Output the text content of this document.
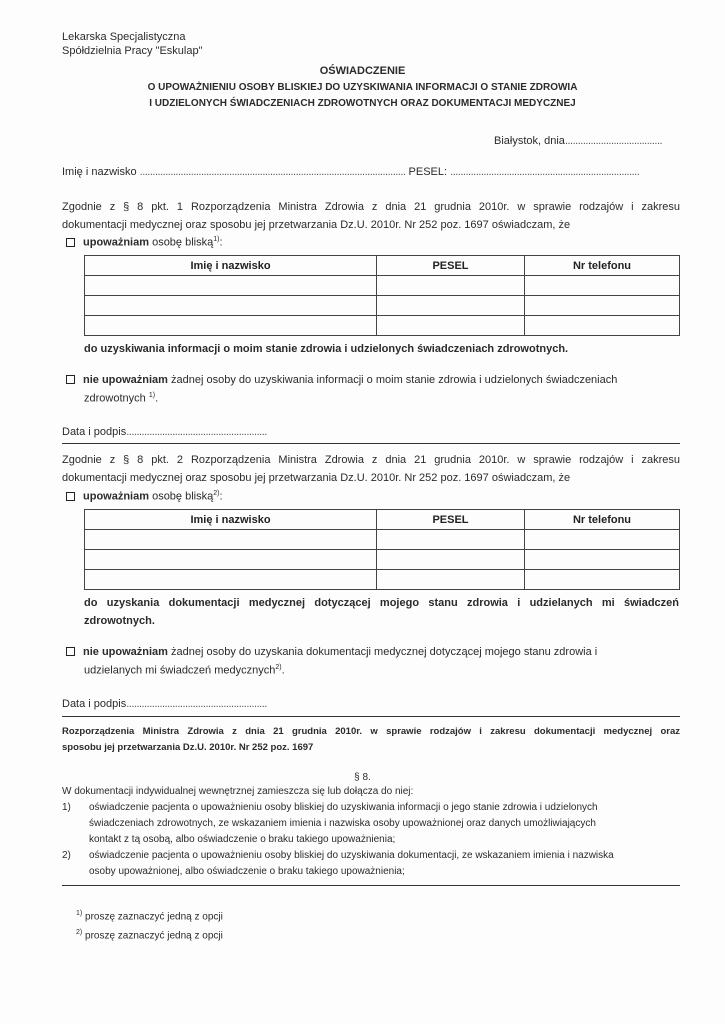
Lekarska Specjalistyczna
Spółdzielnia Pracy "Eskulap"
OŚWIADCZENIE
O UPOWAŻNIENIU OSOBY BLISKIEJ DO UZYSKIWANIA INFORMACJI O STANIE ZDROWIA
I UDZIELONYCH ŚWIADCZENIACH ZDROWOTNYCH ORAZ DOKUMENTACJI MEDYCZNEJ
Białystok, dnia......................................
Imię i nazwisko ........................................................................................................ PESEL: ..........................................................................
Zgodnie z § 8 pkt. 1 Rozporządzenia Ministra Zdrowia z dnia 21 grudnia 2010r. w sprawie rodzajów i zakresu
dokumentacji medycznej oraz sposobu jej przetwarzania Dz.U. 2010r. Nr 252 poz. 1697 oświadczam, że
upoważniam osobę bliską$^{1)}$:
Imię i nazwisko	PESEL	Nr telefonu

do uzyskiwania informacji o moim stanie zdrowia i udzielonych świadczeniach zdrowotnych.
nie upoważniam żadnej osoby do uzyskiwania informacji o moim stanie zdrowia i udzielonych świadczeniach
zdrowotnych $^{1)}$.
Data i podpis.......................................................
Zgodnie z § 8 pkt. 2 Rozporządzenia Ministra Zdrowia z dnia 21 grudnia 2010r. w sprawie rodzajów i zakresu
dokumentacji medycznej oraz sposobu jej przetwarzania Dz.U. 2010r. Nr 252 poz. 1697 oświadczam, że
upoważniam osobę bliską$^{2)}$:
Imię i nazwisko	PESEL	Nr telefonu

do uzyskania dokumentacji medycznej dotyczącej mojego stanu zdrowia i udzielanych mi świadczeń
zdrowotnych.
nie upoważniam żadnej osoby do uzyskania dokumentacji medycznej dotyczącej mojego stanu zdrowia i
udzielanych mi świadczeń medycznych$^{2)}$.
Data i podpis.......................................................
Rozporządzenia Ministra Zdrowia z dnia 21 grudnia 2010r. w sprawie rodzajów i zakresu dokumentacji medycznej oraz
sposobu jej przetwarzania Dz.U. 2010r. Nr 252 poz. 1697
§ 8.
W dokumentacji indywidualnej wewnętrznej zamieszcza się lub dołącza do niej:
1) oświadczenie pacjenta o upoważnieniu osoby bliskiej do uzyskiwania informacji o jego stanie zdrowia i udzielonych
świadczeniach zdrowotnych, ze wskazaniem imienia i nazwiska osoby upoważnionej oraz danych umożliwiających
kontakt z tą osobą, albo oświadczenie o braku takiego upoważnienia;
2) oświadczenie pacjenta o upoważnieniu osoby bliskiej do uzyskiwania dokumentacji, ze wskazaniem imienia i nazwiska
osoby upoważnionej, albo oświadczenie o braku takiego upoważnienia;
$^{1)}$ proszę zaznaczyć jedną z opcji
$^{2)}$ proszę zaznaczyć jedną z opcji
